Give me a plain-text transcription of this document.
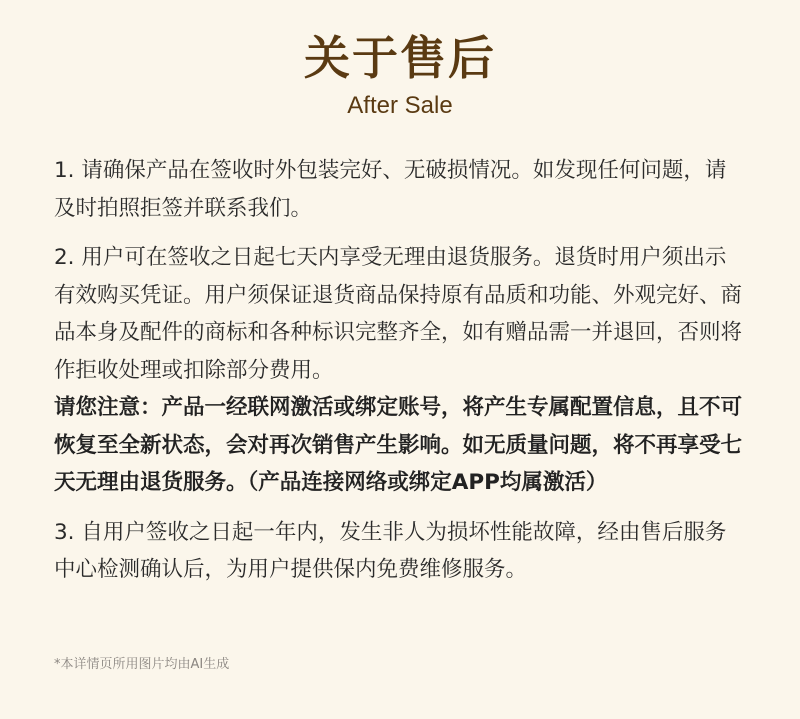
关于售后
After Sale

1. 请确保产品在签收时外包装完好、无破损情况。如发现任何问题，请及时拍照拒签并联系我们。

2. 用户可在签收之日起七天内享受无理由退货服务。退货时用户须出示有效购买凭证。用户须保证退货商品保持原有品质和功能、外观完好、商品本身及配件的商标和各种标识完整齐全，如有赠品需一并退回，否则将作拒收处理或扣除部分费用。

请您注意：产品一经联网激活或绑定账号，将产生专属配置信息，且不可恢复至全新状态，会对再次销售产生影响。如无质量问题，将不再享受七天无理由退货服务。（产品连接网络或绑定APP均属激活）

3. 自用户签收之日起一年内，发生非人为损坏性能故障，经由售后服务中心检测确认后，为用户提供保内免费维修服务。

*本详情页所用图片均由AI生成
